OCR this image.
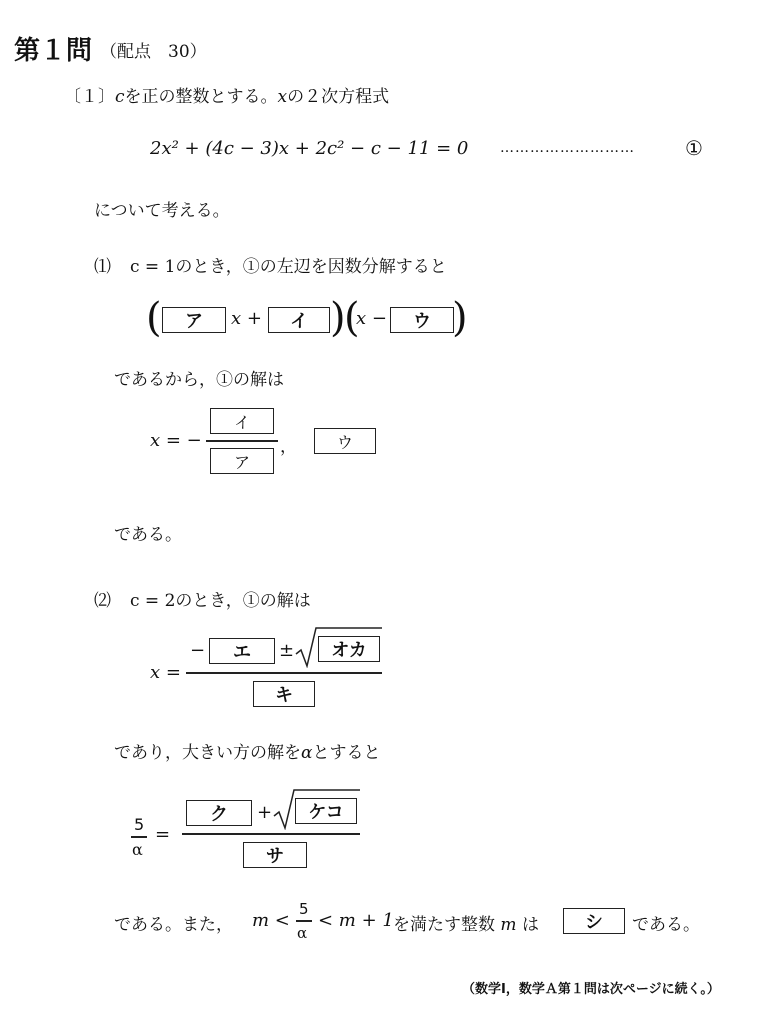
第１問 （配点　30）
〔１〕cを正の整数とする。xの２次方程式
2x² + (4c − 3)x + 2c² − c − 11 = 0 ………………………	①
について考える。
⑴ c = 1のとき，①の左辺を因数分解すると
(	ア	x +	イ )
(
x −	ウ )
であるから，①の解は
x = −
イ
ア
，	ウ
である。
⑵ c = 2のとき，①の解は
x =
−	エ	±	オカ
キ
であり，大きい方の解をαとすると
5
α
=
ク	+	ケコ
サ
である。また， m <
5
α
< m + 1 を満たす整数 m は	シ	である。
（数学Ⅰ，数学Ａ第１問は次ページに続く。）
